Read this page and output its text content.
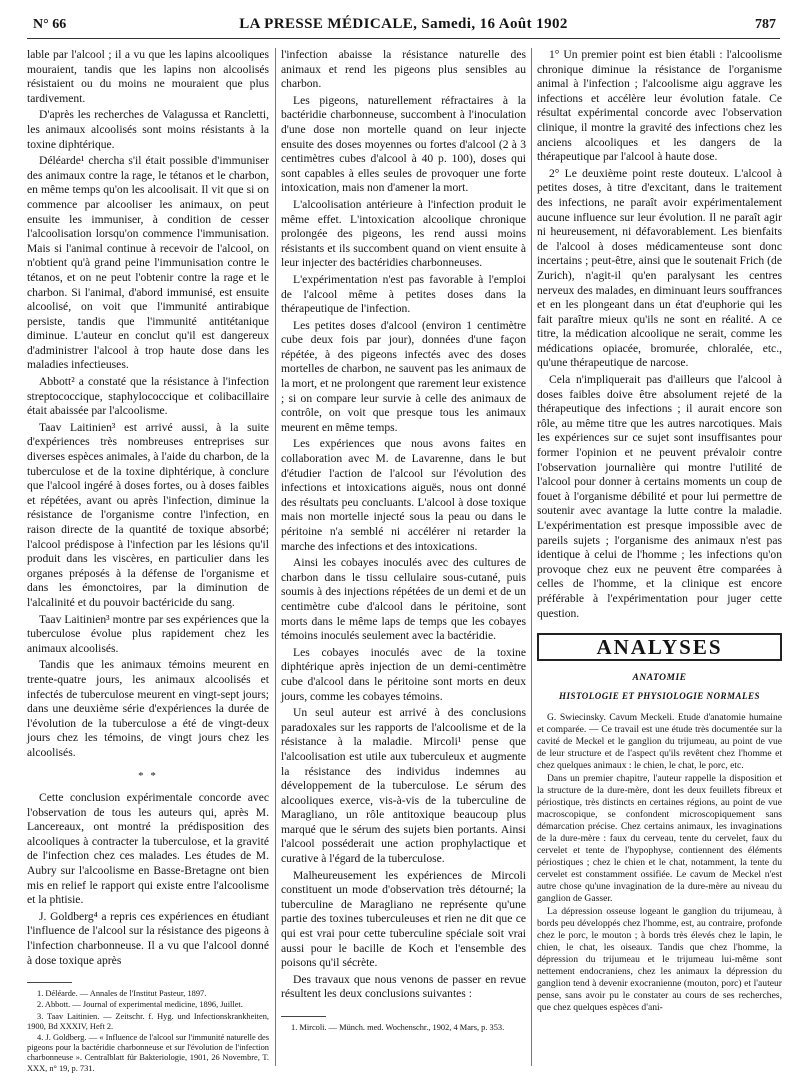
N° 66	LA PRESSE MÉDICALE, Samedi, 16 Août 1902	787

lable par l'alcool ; il a vu que les lapins alcooliques mouraient, tandis que les lapins non alcoolisés résistaient ou du moins ne mouraient que plus tardivement.

D'après les recherches de Valagussa et Rancletti, les animaux alcoolisés sont moins résistants à la toxine diphtérique.

Déléarde¹ chercha s'il était possible d'immuniser des animaux contre la rage, le tétanos et le charbon, en même temps qu'on les alcoolisait. Il vit que si on commence par alcooliser les animaux, on peut ensuite les immuniser, à condition de cesser l'alcoolisation lorsqu'on commence l'immunisation. Mais si l'animal continue à recevoir de l'alcool, on n'obtient qu'à grand peine l'immunisation contre le tétanos, et on ne peut l'obtenir contre la rage et le charbon. Si l'animal, d'abord immunisé, est ensuite alcoolisé, on voit que l'immunité antirabique persiste, tandis que l'immunité antitétanique diminue. L'auteur en conclut qu'il est dangereux d'administrer l'alcool à trop haute dose dans les maladies infectieuses.

Abbott² a constaté que la résistance à l'infection streptococcique, staphylococcique et colibacillaire était abaissée par l'alcoolisme.

Taav Laitinien³ est arrivé aussi, à la suite d'expériences très nombreuses entreprises sur diverses espèces animales, à l'aide du charbon, de la tuberculose et de la toxine diphtérique, à conclure que l'alcool ingéré à doses fortes, ou à doses faibles et répétées, avant ou après l'infection, diminue la résistance de l'organisme contre l'infection, en raison directe de la quantité de toxique absorbé; l'alcool prédispose à l'infection par les lésions qu'il produit dans les viscères, en particulier dans les organes préposés à la défense de l'organisme et dans les émonctoires, par la diminution de l'alcalinité et du pouvoir bactéricide du sang.

Taav Laitinien³ montre par ses expériences que la tuberculose évolue plus rapidement chez les animaux alcoolisés.

Tandis que les animaux témoins meurent en trente-quatre jours, les animaux alcoolisés et infectés de tuberculose meurent en vingt-sept jours; dans une deuxième série d'expériences la durée de l'évolution de la tuberculose a été de vingt-deux jours chez les témoins, de vingt jours chez les alcoolisés.

* *

Cette conclusion expérimentale concorde avec l'observation de tous les auteurs qui, après M. Lancereaux, ont montré la prédisposition des alcooliques à contracter la tuberculose, et la gravité de l'infection chez ces malades. Les études de M. Aubry sur l'alcoolisme en Basse-Bretagne ont bien mis en relief le rapport qui existe entre l'alcoolisme et la phtisie.

J. Goldberg⁴ a repris ces expériences en étudiant l'influence de l'alcool sur la résistance des pigeons à l'infection charbonneuse. Il a vu que l'alcool donné à dose toxique après

1. Déléarde. — Annales de l'Institut Pasteur, 1897.

2. Abbott. — Journal of experimental medicine, 1896, Juillet.

3. Taav Laitinien. — Zeitschr. f. Hyg. und Infectionskrankheiten, 1900, Bd XXXIV, Heft 2.

4. J. Goldberg. — « Influence de l'alcool sur l'immunité naturelle des pigeons pour la bactéridie charbonneuse et sur l'évolution de l'infection charbonneuse ». Centralblatt für Bakteriologie, 1901, 26 Novembre, T. XXX, n° 19, p. 731.

l'infection abaisse la résistance naturelle des animaux et rend les pigeons plus sensibles au charbon.

Les pigeons, naturellement réfractaires à la bactéridie charbonneuse, succombent à l'inoculation d'une dose non mortelle quand on leur injecte ensuite des doses moyennes ou fortes d'alcool (2 à 3 centimètres cubes d'alcool à 40 p. 100), doses qui sont capables à elles seules de provoquer une forte intoxication, mais non d'amener la mort.

L'alcoolisation antérieure à l'infection produit le même effet. L'intoxication alcoolique chronique prolongée des pigeons, les rend aussi moins résistants et ils succombent quand on vient ensuite à leur injecter des bactéridies charbonneuses.

L'expérimentation n'est pas favorable à l'emploi de l'alcool même à petites doses dans la thérapeutique de l'infection.

Les petites doses d'alcool (environ 1 centimètre cube deux fois par jour), données d'une façon répétée, à des pigeons infectés avec des doses mortelles de charbon, ne sauvent pas les animaux de la mort, et ne prolongent que rarement leur existence ; si on compare leur survie à celle des animaux de contrôle, on voit que presque tous les animaux meurent en même temps.

Les expériences que nous avons faites en collaboration avec M. de Lavarenne, dans le but d'étudier l'action de l'alcool sur l'évolution des infections et intoxications aiguës, nous ont donné des résultats peu concluants. L'alcool à dose toxique mais non mortelle injecté sous la peau ou dans le péritoine n'a semblé ni accélérer ni retarder la marche des infections et des intoxications.

Ainsi les cobayes inoculés avec des cultures de charbon dans le tissu cellulaire sous-cutané, puis soumis à des injections répétées de un demi et de un centimètre cube d'alcool dans le péritoine, sont morts dans le même laps de temps que les cobayes témoins inoculés seulement avec la bactéridie.

Les cobayes inoculés avec de la toxine diphtérique après injection de un demi-centimètre cube d'alcool dans le péritoine sont morts en deux jours, comme les cobayes témoins.

Un seul auteur est arrivé à des conclusions paradoxales sur les rapports de l'alcoolisme et de la résistance à la maladie. Mircoli¹ pense que l'alcoolisation est utile aux tuberculeux et augmente la résistance des individus indemnes au développement de la tuberculose. Le sérum des alcooliques exerce, vis-à-vis de la tuberculine de Maragliano, un rôle antitoxique beaucoup plus marqué que le sérum des sujets bien portants. Ainsi l'alcool posséderait une action prophylactique et curative à l'égard de la tuberculose.

Malheureusement les expériences de Mircoli constituent un mode d'observation très détourné; la tuberculine de Maragliano ne représente qu'une partie des toxines tuberculeuses et rien ne dit que ce qui est vrai pour cette tuberculine spéciale soit vrai aussi pour le bacille de Koch et l'ensemble des poisons qu'il sécrète.

Des travaux que nous venons de passer en revue résultent les deux conclusions suivantes :

1. Mircoli. — Münch. med. Wochenschr., 1902, 4 Mars, p. 353.

1° Un premier point est bien établi : l'alcoolisme chronique diminue la résistance de l'organisme animal à l'infection ; l'alcoolisme aigu aggrave les infections et accélère leur évolution fatale. Ce résultat expérimental concorde avec l'observation clinique, il montre la gravité des infections chez les anciens alcooliques et les dangers de la thérapeutique par l'alcool à haute dose.

2° Le deuxième point reste douteux. L'alcool à petites doses, à titre d'excitant, dans le traitement des infections, ne paraît avoir expérimentalement aucune influence sur leur évolution. Il ne paraît agir ni heureusement, ni défavorablement. Les bienfaits de l'alcool à doses médicamenteuse sont donc incertains ; peut-être, ainsi que le soutenait Frich (de Zurich), n'agit-il qu'en paralysant les centres nerveux des malades, en diminuant leurs souffrances et en les plongeant dans un état d'euphorie qui les fait paraître mieux qu'ils ne sont en réalité. A ce titre, la médication alcoolique ne serait, comme les médications opiacée, bromurée, chloralée, etc., qu'une thérapeutique de narcose.

Cela n'impliquerait pas d'ailleurs que l'alcool à doses faibles doive être absolument rejeté de la thérapeutique des infections ; il aurait encore son rôle, au même titre que les autres narcotiques. Mais les expériences sur ce sujet sont insuffisantes pour former l'opinion et ne peuvent prévaloir contre l'observation journalière qui montre l'utilité de l'alcool pour donner à certains moments un coup de fouet à l'organisme débilité et pour lui permettre de soutenir avec avantage la lutte contre la maladie. L'expérimentation est presque impossible avec de pareils sujets ; l'organisme des animaux n'est pas identique à celui de l'homme ; les infections qu'on provoque chez eux ne peuvent être comparées à celles de l'homme, et la clinique est encore préférable à l'expérimentation pour juger cette question.

ANALYSES
ANATOMIE
HISTOLOGIE ET PHYSIOLOGIE NORMALES

G. Swiecinsky. Cavum Meckeli. Etude d'anatomie humaine et comparée. — Ce travail est une étude très documentée sur la cavité de Meckel et le ganglion du trijumeau, au point de vue de leur structure et de l'aspect qu'ils revêtent chez l'homme et chez quelques animaux : le chien, le chat, le porc, etc.

Dans un premier chapitre, l'auteur rappelle la disposition et la structure de la dure-mère, dont les deux feuillets fibreux et périostique, très distincts en certaines régions, au point de vue macroscopique, se confondent microscopiquement sans démarcation précise. Chez certains animaux, les invaginations de la dure-mère : faux du cerveau, tente du cervelet, faux du cervelet et tente de l'hypophyse, contiennent des éléments périostiques ; chez le chien et le chat, notamment, la tente du cervelet est constamment ossifiée. Le cavum de Meckel n'est autre chose qu'une invagination de la dure-mère au niveau du ganglion de Gasser.

La dépression osseuse logeant le ganglion du trijumeau, à bords peu développés chez l'homme, est, au contraire, profonde chez le porc, le mouton ; à bords très élevés chez le lapin, le chien, le chat, les oiseaux. Tandis que chez l'homme, la dépression du trijumeau et le trijumeau lui-même sont nettement endocraniens, chez les animaux la dépression du ganglion tend à devenir exocranienne (mouton, porc) et l'auteur pense, sans avoir pu le constater au cours de ses recherches, que chez quelques espèces d'ani-
